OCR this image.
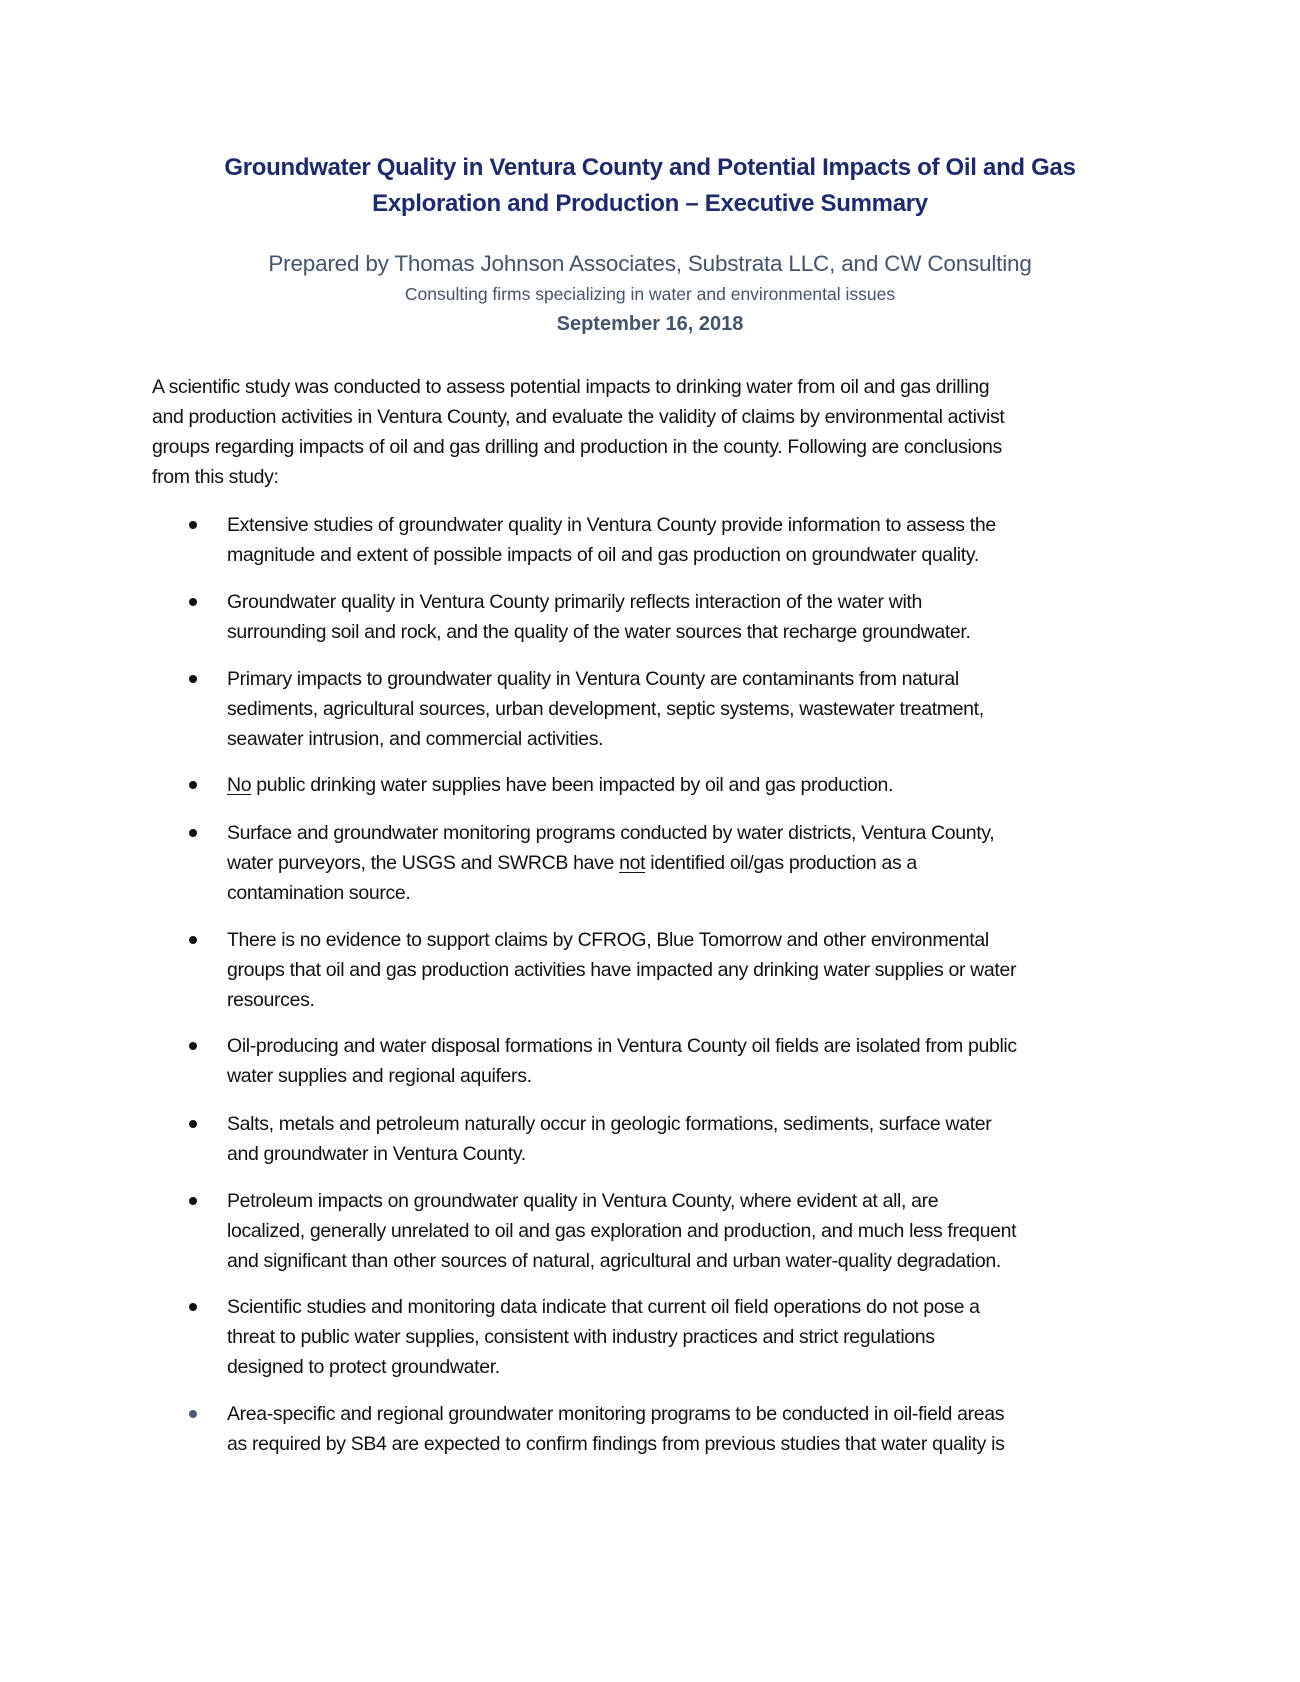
Groundwater Quality in Ventura County and Potential Impacts of Oil and Gas
Exploration and Production – Executive Summary
Prepared by Thomas Johnson Associates, Substrata LLC, and CW Consulting
Consulting firms specializing in water and environmental issues
September 16, 2018
A scientific study was conducted to assess potential impacts to drinking water from oil and gas drilling
and production activities in Ventura County, and evaluate the validity of claims by environmental activist
groups regarding impacts of oil and gas drilling and production in the county. Following are conclusions
from this study:
Extensive studies of groundwater quality in Ventura County provide information to assess the
magnitude and extent of possible impacts of oil and gas production on groundwater quality.
Groundwater quality in Ventura County primarily reflects interaction of the water with
surrounding soil and rock, and the quality of the water sources that recharge groundwater.
Primary impacts to groundwater quality in Ventura County are contaminants from natural
sediments, agricultural sources, urban development, septic systems, wastewater treatment,
seawater intrusion, and commercial activities.
No public drinking water supplies have been impacted by oil and gas production.
Surface and groundwater monitoring programs conducted by water districts, Ventura County,
water purveyors, the USGS and SWRCB have not identified oil/gas production as a
contamination source.
There is no evidence to support claims by CFROG, Blue Tomorrow and other environmental
groups that oil and gas production activities have impacted any drinking water supplies or water
resources.
Oil-producing and water disposal formations in Ventura County oil fields are isolated from public
water supplies and regional aquifers.
Salts, metals and petroleum naturally occur in geologic formations, sediments, surface water
and groundwater in Ventura County.
Petroleum impacts on groundwater quality in Ventura County, where evident at all, are
localized, generally unrelated to oil and gas exploration and production, and much less frequent
and significant than other sources of natural, agricultural and urban water-quality degradation.
Scientific studies and monitoring data indicate that current oil field operations do not pose a
threat to public water supplies, consistent with industry practices and strict regulations
designed to protect groundwater.
Area-specific and regional groundwater monitoring programs to be conducted in oil-field areas
as required by SB4 are expected to confirm findings from previous studies that water quality is
